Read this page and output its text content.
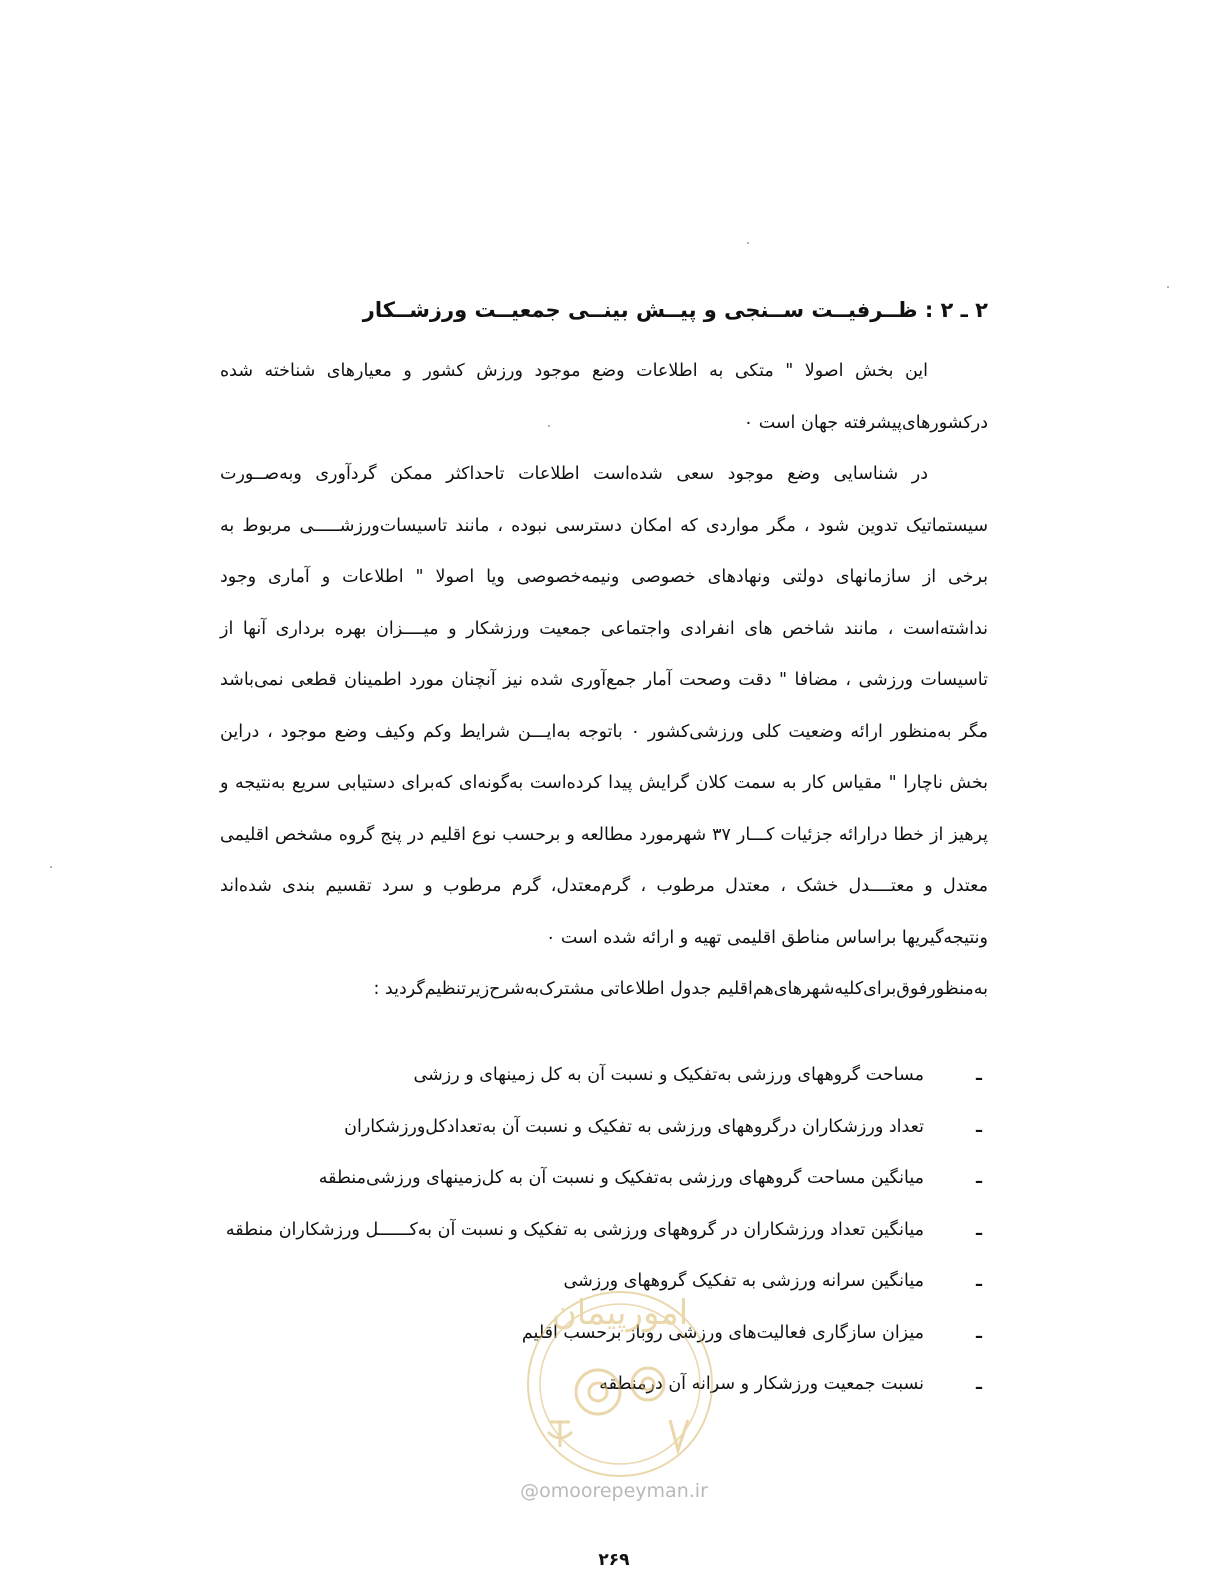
۲ ـ ۲ : ظــرفیــت ســنجی و پیــش بینــی جمعیــت ورزشــکار

این بخش اصولا " متکی به اطلاعات وضع موجود ورزش کشور و معیارهای شناخته شده درکشورهای‌پیشرفته جهان است ٠

در شناسایی وضع موجود سعی شده‌است اطلاعات تاحداکثر ممکن گردآوری وبه‌صــورت سیستماتیک تدوین شود ، مگر مواردی که امکان دسترسی نبوده ، مانند تاسیسات‌ورزشـــــی مربوط‌ به برخی از سازمانهای دولتی ونهادهای خصوصی ونیمه‌خصوصی ویا اصولا " اطلاعات و آماری وجود نداشته‌است ، مانند شاخص های انفرادی واجتماعی جمعیت ورزشکار و میــــزان بهره برداری آنها از تاسیسات ورزشی ، مضافا " دقت وصحت آمار جمع‌آوری شده نیز آنچنان مورد اطمینان قطعی نمی‌باشد مگر به‌منظور ارائه وضعیت کلی ورزشی‌کشور ٠ باتوجه به‌ایـــن شرایط وکم وکیف وضع موجود ، دراین بخش ناچارا " مقیاس کار به سمت کلان گرایش پیدا کرده‌است به‌گونه‌ای که‌برای دستیابی سریع به‌نتیجه و پرهیز از خطا درارائه جزئیات کـــار ۳۷ شهرمورد مطالعه و برحسب نوع اقلیم در پنج گروه مشخص اقلیمی معتدل و معتــــدل خشک ، معتدل مرطوب ، گرم‌معتدل، گرم مرطوب و سرد تقسیم بندی شده‌اند ونتیجه‌گیریها براساس مناطق اقلیمی تهیه و ارائه شده است ٠

به‌منظورفوق‌برای‌کلیه‌شهرهای‌هم‌اقلیم جدول اطلاعاتی مشترک‌به‌شرح‌زیرتنظیم‌گردید :

ـ
مساحت گروههای ورزشی به‌تفکیک و نسبت آن به کل زمینهای و رزشی
ـ
تعداد ورزشکاران درگروههای ورزشی به تفکیک و نسبت آن به‌تعدادکل‌ورزشکاران
ـ
میانگین مساحت گروههای ورزشی به‌تفکیک و نسبت آن به کل‌زمینهای ورزشی‌منطقه
ـ
میانگین تعداد ورزشکاران در گروههای ورزشی به تفکیک و نسبت آن به‌کــــــل ورزشکاران منطقه
ـ
میانگین سرانه ورزشی به تفکیک گروههای ورزشی
ـ
میزان سازگاری فعالیت‌های ورزشی روباز برحسب اقلیم
ـ
نسبت جمعیت ورزشکار و سرانه آن درمنطقه
امورپیمان
@omoorepeyman.ir
۲۶۹
